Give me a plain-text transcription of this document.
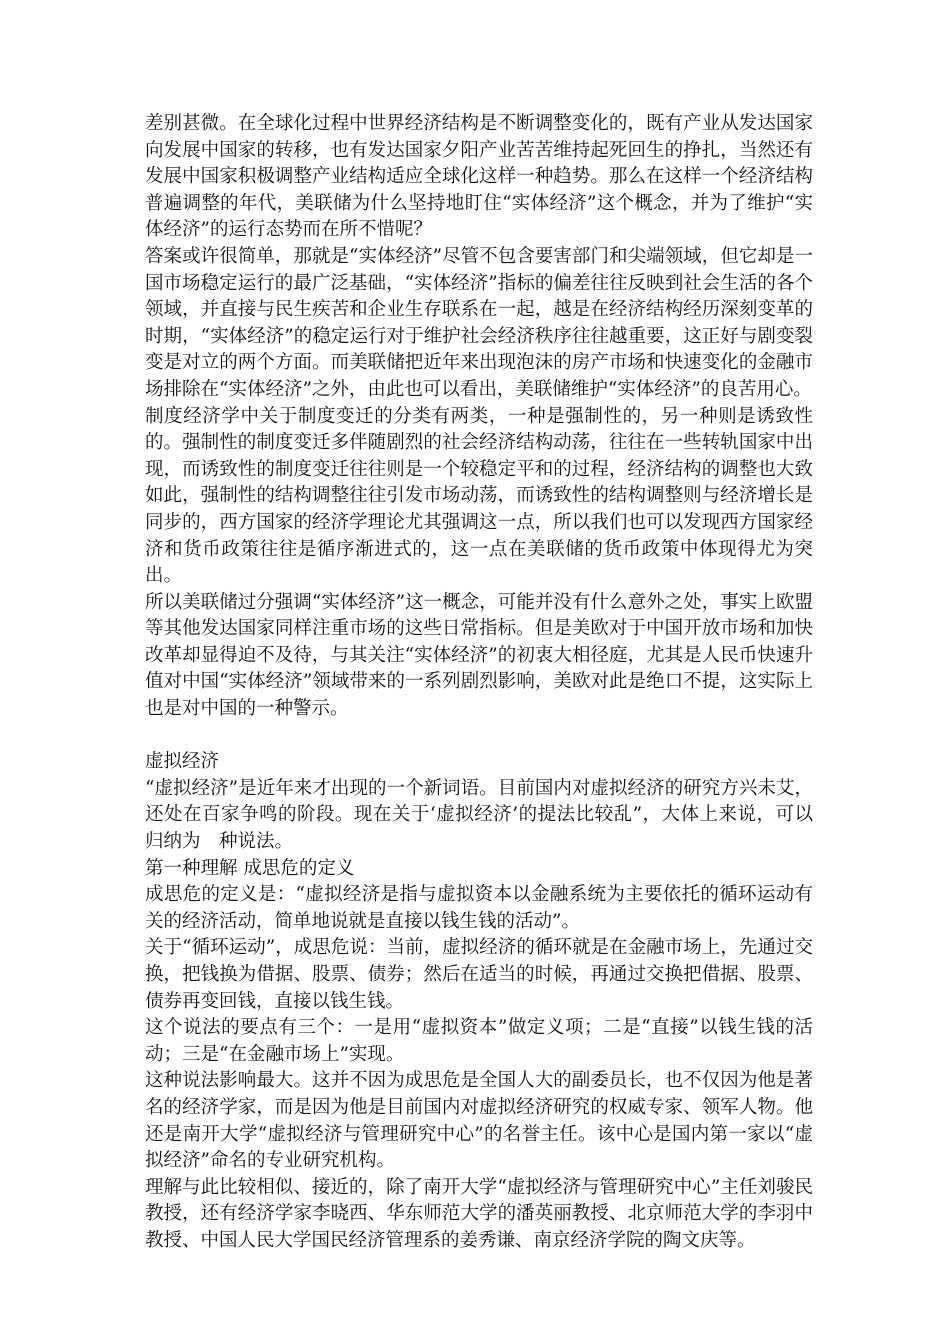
差别甚微。在全球化过程中世界经济结构是不断调整变化的，既有产业从发达国家向发展中国家的转移，也有发达国家夕阳产业苦苦维持起死回生的挣扎，当然还有发展中国家积极调整产业结构适应全球化这样一种趋势。那么在这样一个经济结构普遍调整的年代，美联储为什么坚持地盯住“实体经济”这个概念，并为了维护“实体经济”的运行态势而在所不惜呢？

答案或许很简单，那就是“实体经济”尽管不包含要害部门和尖端领域，但它却是一国市场稳定运行的最广泛基础，“实体经济”指标的偏差往往反映到社会生活的各个领域，并直接与民生疾苦和企业生存联系在一起，越是在经济结构经历深刻变革的时期，“实体经济”的稳定运行对于维护社会经济秩序往往越重要，这正好与剧变裂变是对立的两个方面。而美联储把近年来出现泡沫的房产市场和快速变化的金融市场排除在“实体经济”之外，由此也可以看出，美联储维护“实体经济”的良苦用心。

制度经济学中关于制度变迁的分类有两类，一种是强制性的，另一种则是诱致性的。强制性的制度变迁多伴随剧烈的社会经济结构动荡，往往在一些转轨国家中出现，而诱致性的制度变迁往往则是一个较稳定平和的过程，经济结构的调整也大致如此，强制性的结构调整往往引发市场动荡，而诱致性的结构调整则与经济增长是同步的，西方国家的经济学理论尤其强调这一点，所以我们也可以发现西方国家经济和货币政策往往是循序渐进式的，这一点在美联储的货币政策中体现得尤为突出。

所以美联储过分强调“实体经济”这一概念，可能并没有什么意外之处，事实上欧盟等其他发达国家同样注重市场的这些日常指标。但是美欧对于中国开放市场和加快改革却显得迫不及待，与其关注“实体经济”的初衷大相径庭，尤其是人民币快速升值对中国“实体经济”领域带来的一系列剧烈影响，美欧对此是绝口不提，这实际上也是对中国的一种警示。

虚拟经济

“虚拟经济”是近年来才出现的一个新词语。目前国内对虚拟经济的研究方兴未艾，还处在百家争鸣的阶段。现在关于‘虚拟经济’的提法比较乱”，大体上来说，可以归纳为　种说法。

第一种理解 成思危的定义

成思危的定义是：“虚拟经济是指与虚拟资本以金融系统为主要依托的循环运动有关的经济活动，简单地说就是直接以钱生钱的活动”。

关于“循环运动”，成思危说：当前，虚拟经济的循环就是在金融市场上，先通过交换，把钱换为借据、股票、债券；然后在适当的时候，再通过交换把借据、股票、债券再变回钱，直接以钱生钱。

这个说法的要点有三个：一是用“虚拟资本”做定义项；二是“直接”以钱生钱的活动；三是“在金融市场上”实现。

这种说法影响最大。这并不因为成思危是全国人大的副委员长，也不仅因为他是著名的经济学家，而是因为他是目前国内对虚拟经济研究的权威专家、领军人物。他还是南开大学“虚拟经济与管理研究中心”的名誉主任。该中心是国内第一家以“虚拟经济”命名的专业研究机构。

理解与此比较相似、接近的，除了南开大学“虚拟经济与管理研究中心”主任刘骏民教授，还有经济学家李晓西、华东师范大学的潘英丽教授、北京师范大学的李羽中教授、中国人民大学国民经济管理系的姜秀谦、南京经济学院的陶文庆等。
